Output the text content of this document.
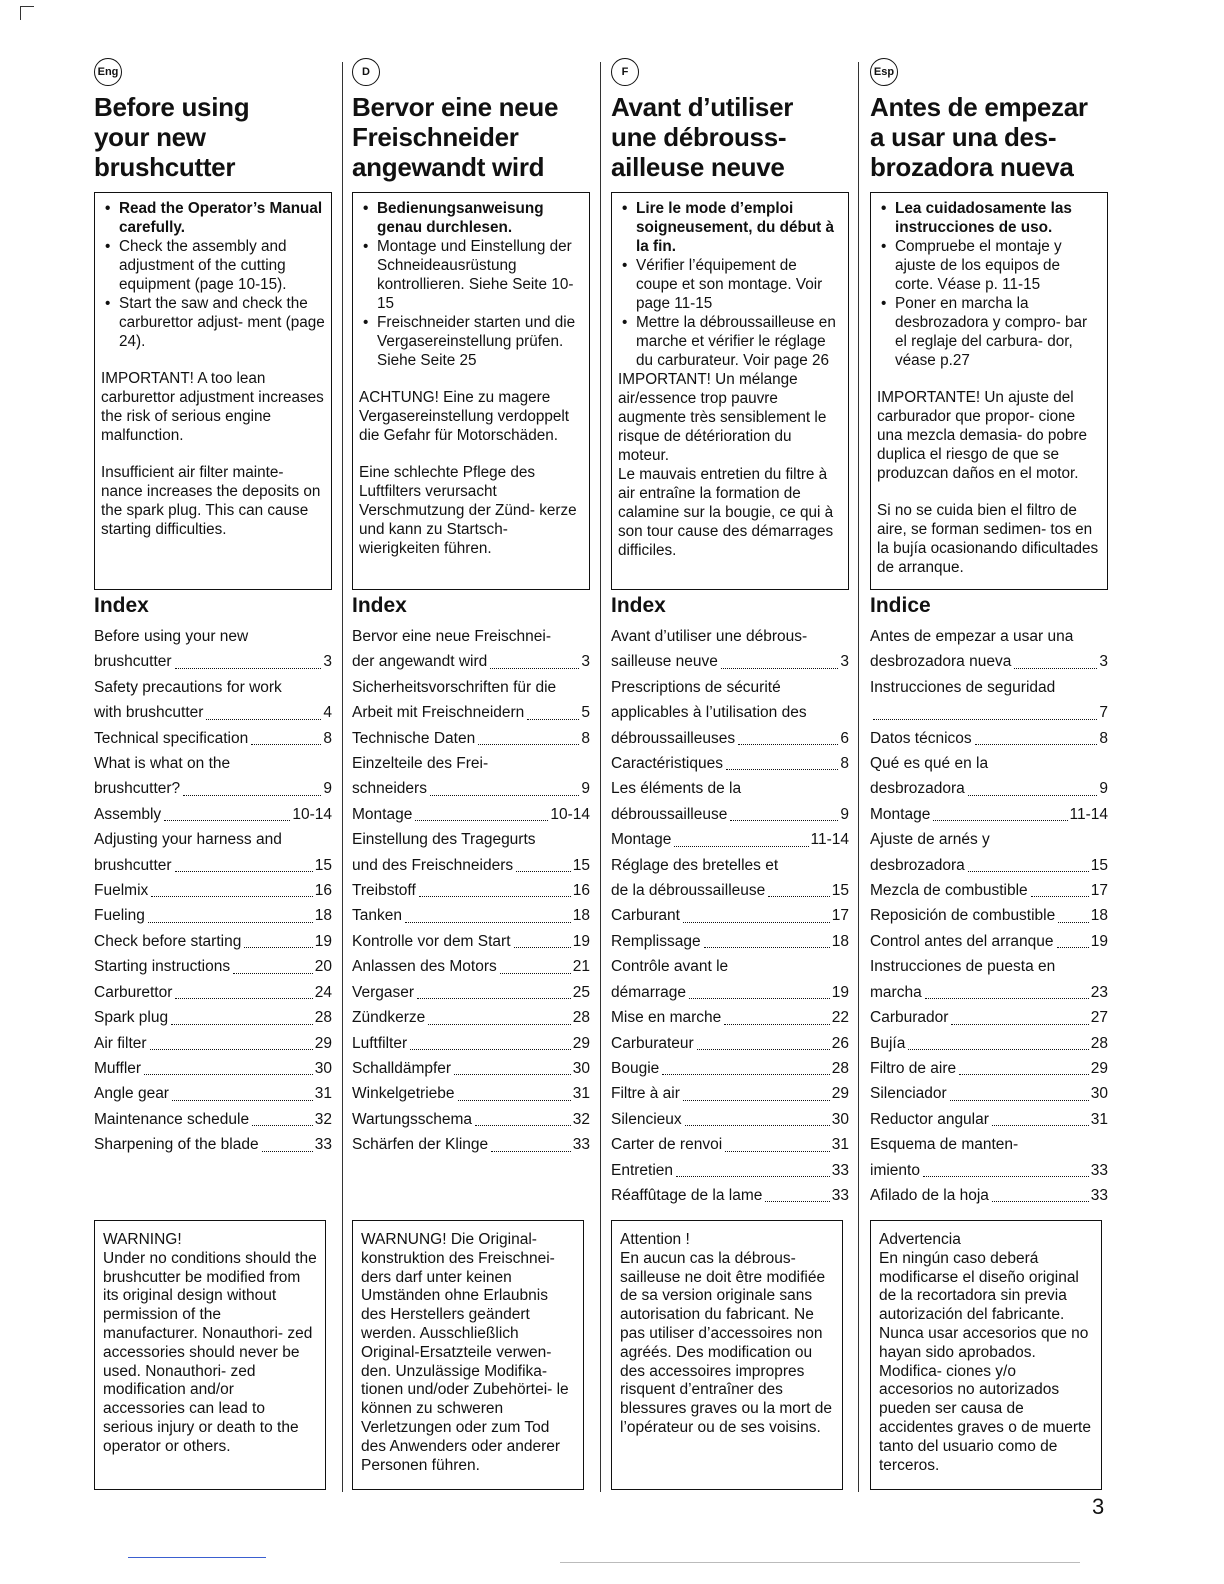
Eng
Before using
your new
brushcutter
• Read the Operator’s Manual carefully.
• Check the assembly and adjustment of the cutting equipment (page 10-15).
• Start the saw and check the carburettor adjust- ment (page 24).

IMPORTANT! A too lean carburettor adjustment increases the risk of serious engine malfunction.

Insufficient air filter mainte- nance increases the deposits on the spark plug. This can cause starting difficulties.

Index
Before using your new
brushcutter	3
Safety precautions for work
with brushcutter	4
Technical specification	8
What is what on the
brushcutter?	9
Assembly	10-14
Adjusting your harness and
brushcutter	15
Fuelmix	16
Fueling	18
Check before starting	19
Starting instructions	20
Carburettor	24
Spark plug	28
Air filter	29
Muffler	30
Angle gear	31
Maintenance schedule	32
Sharpening of the blade	33
WARNING!
Under no conditions should the brushcutter be modified from its original design without permission of the manufacturer. Nonauthori- zed accessories should never be used. Nonauthori- zed modification and/or accessories can lead to serious injury or death to the operator or others.
D
Bervor eine neue
Freischneider
angewandt wird
• Bedienungsanweisung genau durchlesen.
• Montage und Einstellung der Schneideausrüstung kontrollieren. Siehe Seite 10-15
• Freischneider starten und die Vergasereinstellung prüfen. Siehe Seite 25

ACHTUNG! Eine zu magere Vergasereinstellung verdoppelt die Gefahr für Motorschäden.

Eine schlechte Pflege des Luftfilters verursacht Verschmutzung der Zünd- kerze und kann zu Startsch- wierigkeiten führen.

Index
Bervor eine neue Freischnei-
der angewandt wird	3
Sicherheitsvorschriften für die
Arbeit mit Freischneidern	5
Technische Daten	8
Einzelteile des Frei-
schneiders	9
Montage	10-14
Einstellung des Tragegurts
und des Freischneiders	15
Treibstoff	16
Tanken	18
Kontrolle vor dem Start	19
Anlassen des Motors	21
Vergaser	25
Zündkerze	28
Luftfilter	29
Schalldämpfer	30
Winkelgetriebe	31
Wartungsschema	32
Schärfen der Klinge	33
WARNUNG! Die Original- konstruktion des Freischnei- ders darf unter keinen Umständen ohne Erlaubnis des Herstellers geändert werden. Ausschließlich Original-Ersatzteile verwen- den. Unzulässige Modifika- tionen und/oder Zubehörtei- le können zu schweren Verletzungen oder zum Tod des Anwenders oder anderer Personen führen.
F
Avant d’utiliser
une débrouss-
ailleuse neuve
• Lire le mode d’emploi soigneusement, du début à la fin.
• Vérifier l’équipement de coupe et son montage. Voir page 11-15
• Mettre la débroussailleuse en marche et vérifier le réglage du carburateur. Voir page 26

IMPORTANT! Un mélange air/essence trop pauvre augmente très sensiblement le risque de détérioration du moteur.

Le mauvais entretien du filtre à air entraîne la formation de calamine sur la bougie, ce qui à son tour cause des démarrages difficiles.

Index
Avant d’utiliser une débrous-
sailleuse neuve	3
Prescriptions de sécurité
applicables à l’utilisation des
débroussailleuses	6
Caractéristiques	8
Les éléments de la
débroussailleuse	9
Montage	11-14
Réglage des bretelles et
de la débroussailleuse	15
Carburant	17
Remplissage	18
Contrôle avant le
démarrage	19
Mise en marche	22
Carburateur	26
Bougie	28
Filtre à air	29
Silencieux	30
Carter de renvoi	31
Entretien	33
Réaffûtage de la lame	33
Attention !
En aucun cas la débrous- sailleuse ne doit être modifiée de sa version originale sans autorisation du fabricant. Ne pas utiliser d’accessoires non agréés. Des modification ou des accessoires impropres risquent d’entraîner des blessures graves ou la mort de l’opérateur ou de ses voisins.
Esp
Antes de empezar
a usar una des-
brozadora nueva
• Lea cuidadosamente las instrucciones de uso.
• Compruebe el montaje y ajuste de los equipos de corte. Véase p. 11-15
• Poner en marcha la desbrozadora y compro- bar el reglaje del carbura- dor, véase p.27

IMPORTANTE! Un ajuste del carburador que propor- cione una mezcla demasia- do pobre duplica el riesgo de que se produzcan daños en el motor.

Si no se cuida bien el filtro de aire, se forman sedimen- tos en la bujía ocasionando dificultades de arranque.

Indice
Antes de empezar a usar una
desbrozadora nueva	3
Instrucciones de seguridad
7
Datos técnicos	8
Qué es qué en la
desbrozadora	9
Montage	11-14
Ajuste de arnés y
desbrozadora	15
Mezcla de combustible	17
Reposición de combustible 18
Control antes del arranque 19
Instrucciones de puesta en
marcha	23
Carburador	27
Bujía	28
Filtro de aire	29
Silenciador	30
Reductor angular	31
Esquema de manten-
imiento	33
Afilado de la hoja	33
Advertencia
En ningún caso deberá modificarse el diseño original de la recortadora sin previa autorización del fabricante. Nunca usar accesorios que no hayan sido aprobados. Modifica- ciones y/o accesorios no autorizados pueden ser causa de accidentes graves o de muerte tanto del usuario como de terceros.
3
